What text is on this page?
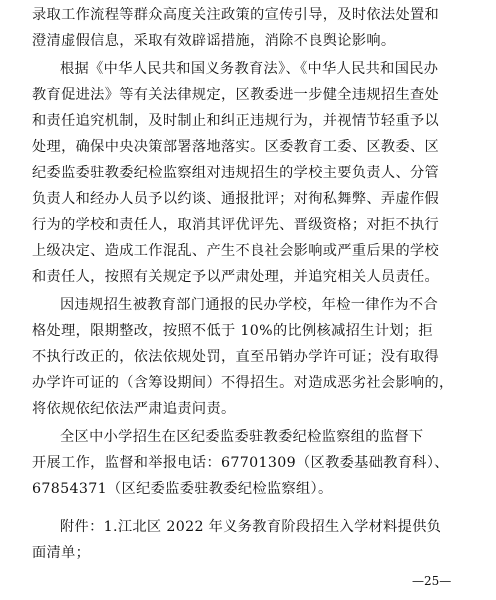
录取工作流程等群众高度关注政策的宣传引导，及时依法处置和
澄清虚假信息，采取有效辟谣措施，消除不良舆论影响。
根据《中华人民共和国义务教育法》、《中华人民共和国民办
教育促进法》等有关法律规定，区教委进一步健全违规招生查处
和责任追究机制，及时制止和纠正违规行为，并视情节轻重予以
处理，确保中央决策部署落地落实。区委教育工委、区教委、区
纪委监委驻教委纪检监察组对违规招生的学校主要负责人、分管
负责人和经办人员予以约谈、通报批评；对徇私舞弊、弄虚作假
行为的学校和责任人，取消其评优评先、晋级资格；对拒不执行
上级决定、造成工作混乱、产生不良社会影响或严重后果的学校
和责任人，按照有关规定予以严肃处理，并追究相关人员责任。
因违规招生被教育部门通报的民办学校，年检一律作为不合
格处理，限期整改，按照不低于 10%的比例核减招生计划；拒
不执行改正的，依法依规处罚，直至吊销办学许可证；没有取得
办学许可证的（含筹设期间）不得招生。对造成恶劣社会影响的，
将依规依纪依法严肃追责问责。
全区中小学招生在区纪委监委驻教委纪检监察组的监督下
开展工作，监督和举报电话：67701309（区教委基础教育科）、
67854371（区纪委监委驻教委纪检监察组）。
附件：1.江北区 2022 年义务教育阶段招生入学材料提供负
面清单；
—25—
